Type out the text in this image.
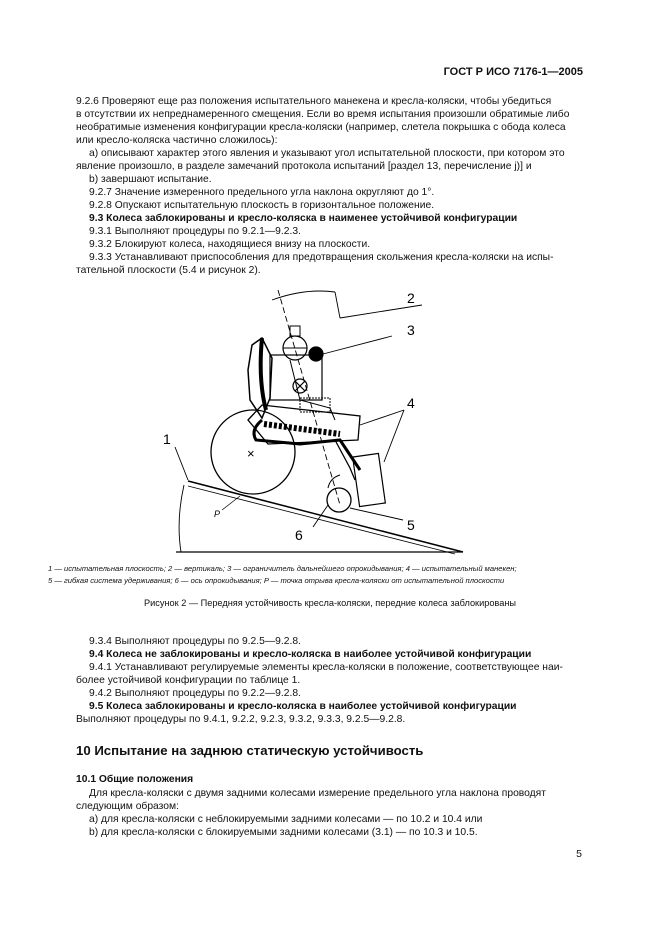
ГОСТ Р ИСО 7176-1—2005
9.2.6 Проверяют еще раз положения испытательного манекена и кресла-коляски, чтобы убедиться
в отсутствии их непреднамеренного смещения. Если во время испытания произошли обратимые либо
необратимые изменения конфигурации кресла-коляски (например, слетела покрышка с обода колеса
или кресло-коляска частично сложилось):
a) описывают характер этого явления и указывают угол испытательной плоскости, при котором это
явление произошло, в разделе замечаний протокола испытаний [раздел 13, перечисление j)] и
b) завершают испытание.
9.2.7 Значение измеренного предельного угла наклона округляют до 1°.
9.2.8 Опускают испытательную плоскость в горизонтальное положение.
9.3 Колеса заблокированы и кресло-коляска в наименее устойчивой конфигурации
9.3.1 Выполняют процедуры по 9.2.1—9.2.3.
9.3.2 Блокируют колеса, находящиеся внизу на плоскости.
9.3.3 Устанавливают приспособления для предотвращения скольжения кресла-коляски на испы-
тательной плоскости (5.4 и рисунок 2).
×
1
2
3
4
5
6
P
1 — испытательная плоскость; 2 — вертикаль; 3 — ограничитель дальнейшего опрокидывания; 4 — испытательный манекен;
5 — гибкая система удерживания; 6 — ось опрокидывания; P — точка отрыва кресла-коляски от испытательной плоскости
Рисунок 2 — Передняя устойчивость кресла-коляски, передние колеса заблокированы
9.3.4 Выполняют процедуры по 9.2.5—9.2.8.
9.4 Колеса не заблокированы и кресло-коляска в наиболее устойчивой конфигурации
9.4.1 Устанавливают регулируемые элементы кресла-коляски в положение, соответствующее наи-
более устойчивой конфигурации по таблице 1.
9.4.2 Выполняют процедуры по 9.2.2—9.2.8.
9.5 Колеса заблокированы и кресло-коляска в наиболее устойчивой конфигурации
Выполняют процедуры по 9.4.1, 9.2.2, 9.2.3, 9.3.2, 9.3.3, 9.2.5—9.2.8.
10 Испытание на заднюю статическую устойчивость
10.1 Общие положения
Для кресла-коляски с двумя задними колесами измерение предельного угла наклона проводят
следующим образом:
a) для кресла-коляски с неблокируемыми задними колесами — по 10.2 и 10.4 или
b) для кресла-коляски с блокируемыми задними колесами (3.1) — по 10.3 и 10.5.
5
